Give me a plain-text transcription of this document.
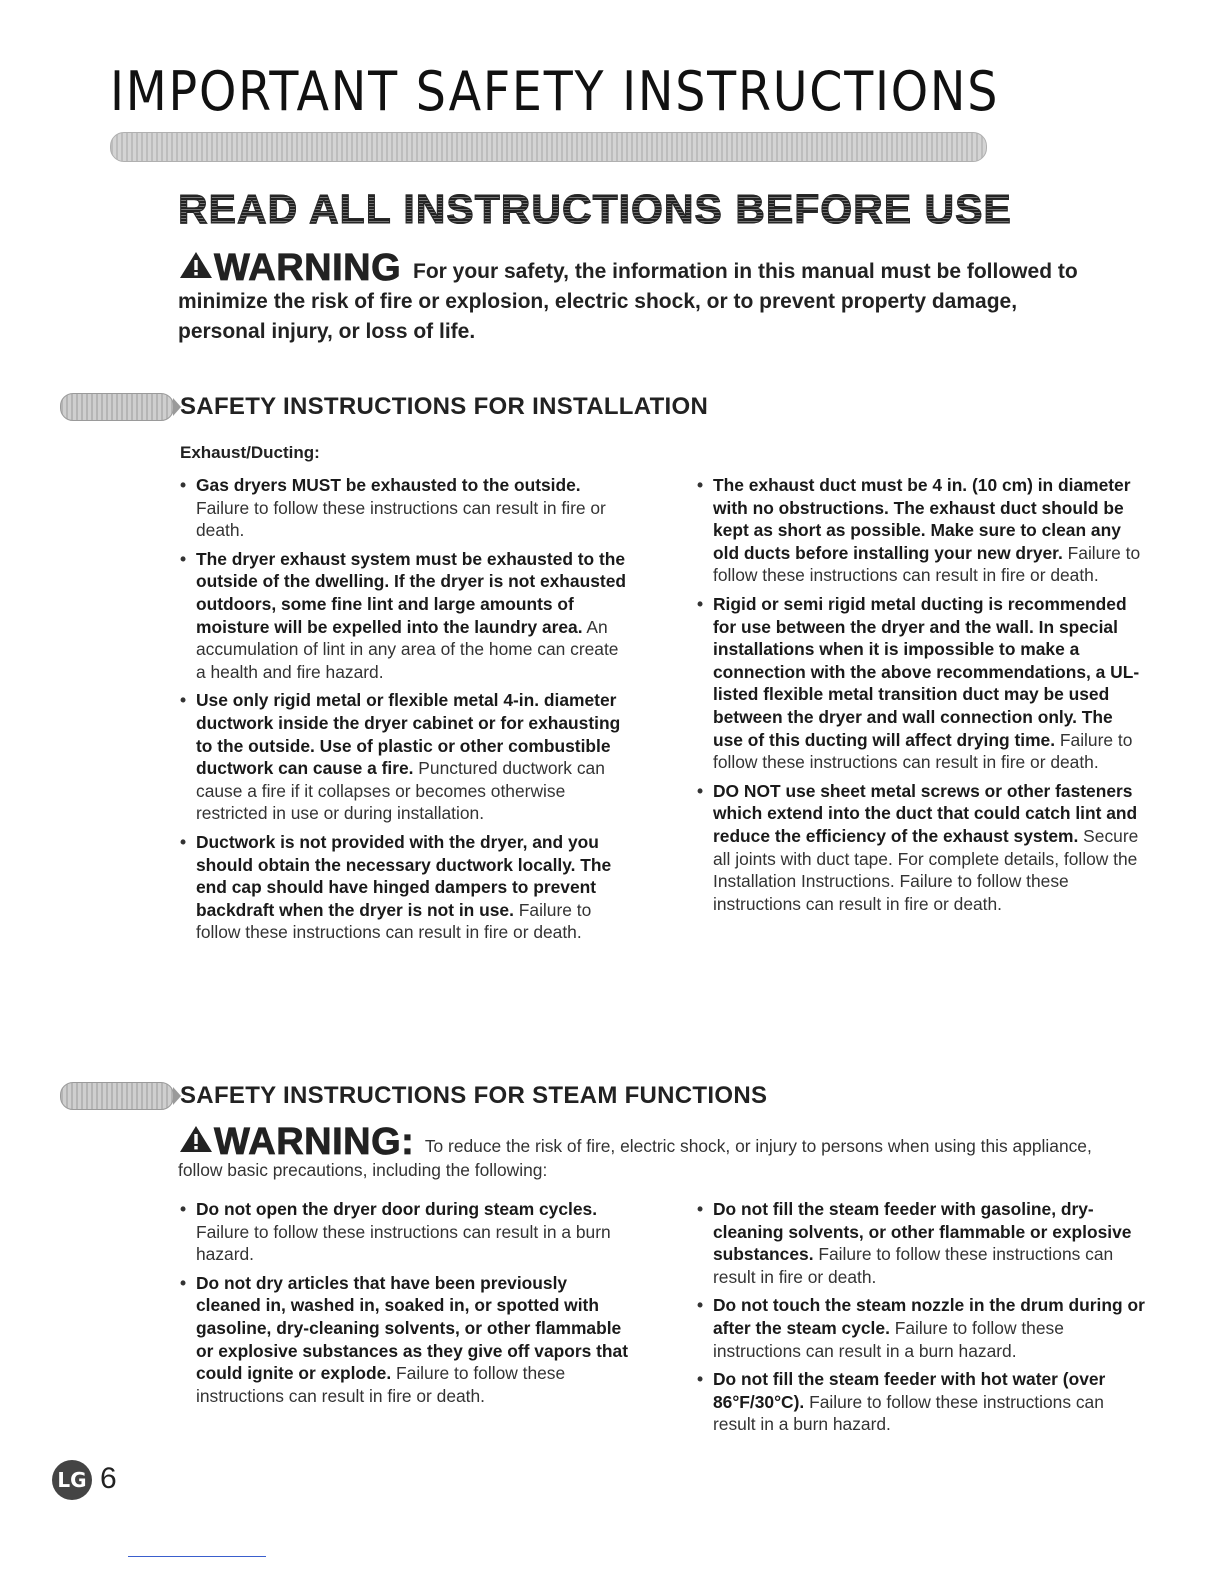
IMPORTANT SAFETY INSTRUCTIONS
READ ALL INSTRUCTIONS BEFORE USE
WARNING For your safety, the information in this manual must be followed to minimize the risk of fire or explosion, electric shock, or to prevent property damage, personal injury, or loss of life.
SAFETY INSTRUCTIONS FOR INSTALLATION
Exhaust/Ducting:
• Gas dryers MUST be exhausted to the outside. Failure to follow these instructions can result in fire or death.
• The dryer exhaust system must be exhausted to the outside of the dwelling. If the dryer is not exhausted outdoors, some fine lint and large amounts of moisture will be expelled into the laundry area. An accumulation of lint in any area of the home can create a health and fire hazard.
• Use only rigid metal or flexible metal 4-in. diameter ductwork inside the dryer cabinet or for exhausting to the outside. Use of plastic or other combustible ductwork can cause a fire. Punctured ductwork can cause a fire if it collapses or becomes otherwise restricted in use or during installation.
• Ductwork is not provided with the dryer, and you should obtain the necessary ductwork locally. The end cap should have hinged dampers to prevent backdraft when the dryer is not in use. Failure to follow these instructions can result in fire or death.
• The exhaust duct must be 4 in. (10 cm) in diameter with no obstructions. The exhaust duct should be kept as short as possible. Make sure to clean any old ducts before installing your new dryer. Failure to follow these instructions can result in fire or death.
• Rigid or semi rigid metal ducting is recommended for use between the dryer and the wall. In special installations when it is impossible to make a connection with the above recommendations, a UL-listed flexible metal transition duct may be used between the dryer and wall connection only. The use of this ducting will affect drying time. Failure to follow these instructions can result in fire or death.
• DO NOT use sheet metal screws or other fasteners which extend into the duct that could catch lint and reduce the efficiency of the exhaust system. Secure all joints with duct tape. For complete details, follow the Installation Instructions. Failure to follow these instructions can result in fire or death.
SAFETY INSTRUCTIONS FOR STEAM FUNCTIONS
WARNING: To reduce the risk of fire, electric shock, or injury to persons when using this appliance, follow basic precautions, including the following:
• Do not open the dryer door during steam cycles. Failure to follow these instructions can result in a burn hazard.
• Do not dry articles that have been previously cleaned in, washed in, soaked in, or spotted with gasoline, dry-cleaning solvents, or other flammable or explosive substances as they give off vapors that could ignite or explode. Failure to follow these instructions can result in fire or death.
• Do not fill the steam feeder with gasoline, dry-cleaning solvents, or other flammable or explosive substances. Failure to follow these instructions can result in fire or death.
• Do not touch the steam nozzle in the drum during or after the steam cycle. Failure to follow these instructions can result in a burn hazard.
• Do not fill the steam feeder with hot water (over 86°F/30°C). Failure to follow these instructions can result in a burn hazard.
LG 6
